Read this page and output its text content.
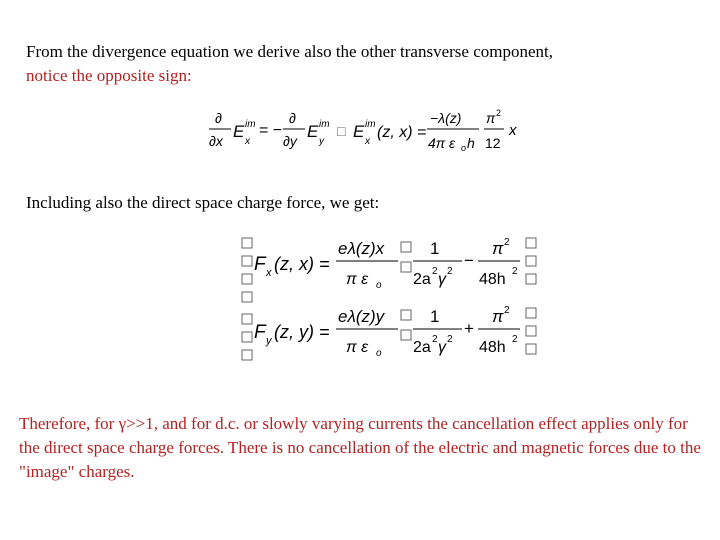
From the divergence equation we derive also the other transverse component,
notice the opposite sign:
∂
∂x E im
x
= −
∂
∂y E im
y
□ E im
x
(z, x) =
−λ(z)
4π ε o h
π 2
12
x
Including also the direct space charge force, we get:
F x (z, x) =
eλ(z)x
π ε o
1
2a 2 γ 2
−
π 2
48h 2
F y (z, y) =
eλ(z)y
π ε o
1
2a 2 γ 2
+
π 2
48h 2
Therefore, for γ>>1, and for d.c. or slowly varying currents the cancellation effect applies only for the direct space charge forces. There is no cancellation of the electric and magnetic forces due to the "image" charges.
